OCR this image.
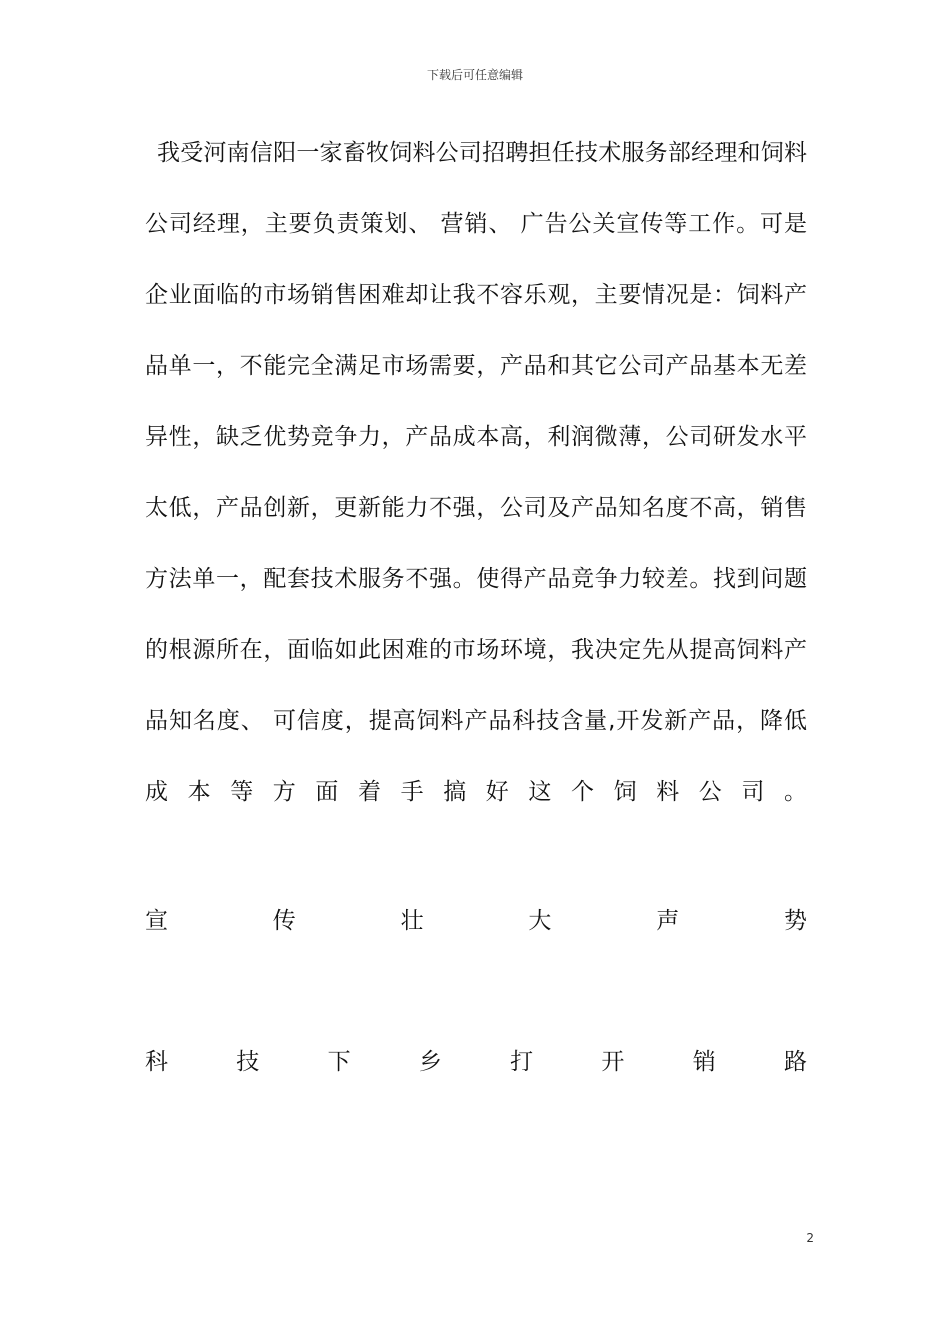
下载后可任意编辑
我受河南信阳一家畜牧饲料公司招聘担任技术服务部经理和饲料
公司经理，主要负责策划、 营销、 广告公关宣传等工作。可是
企业面临的市场销售困难却让我不容乐观，主要情况是：饲料产
品单一，不能完全满足市场需要，产品和其它公司产品基本无差
异性，缺乏优势竞争力，产品成本高，利润微薄，公司研发水平
太低，产品创新，更新能力不强，公司及产品知名度不高，销售
方法单一，配套技术服务不强。使得产品竞争力较差。找到问题
的根源所在，面临如此困难的市场环境，我决定先从提高饲料产
品知名度、 可信度，提高饲料产品科技含量,开发新产品，降低
成本等方面着手搞好这个饲料公司。
宣	传	壮	大	声	势
科	技	下	乡	打	开	销	路
2
